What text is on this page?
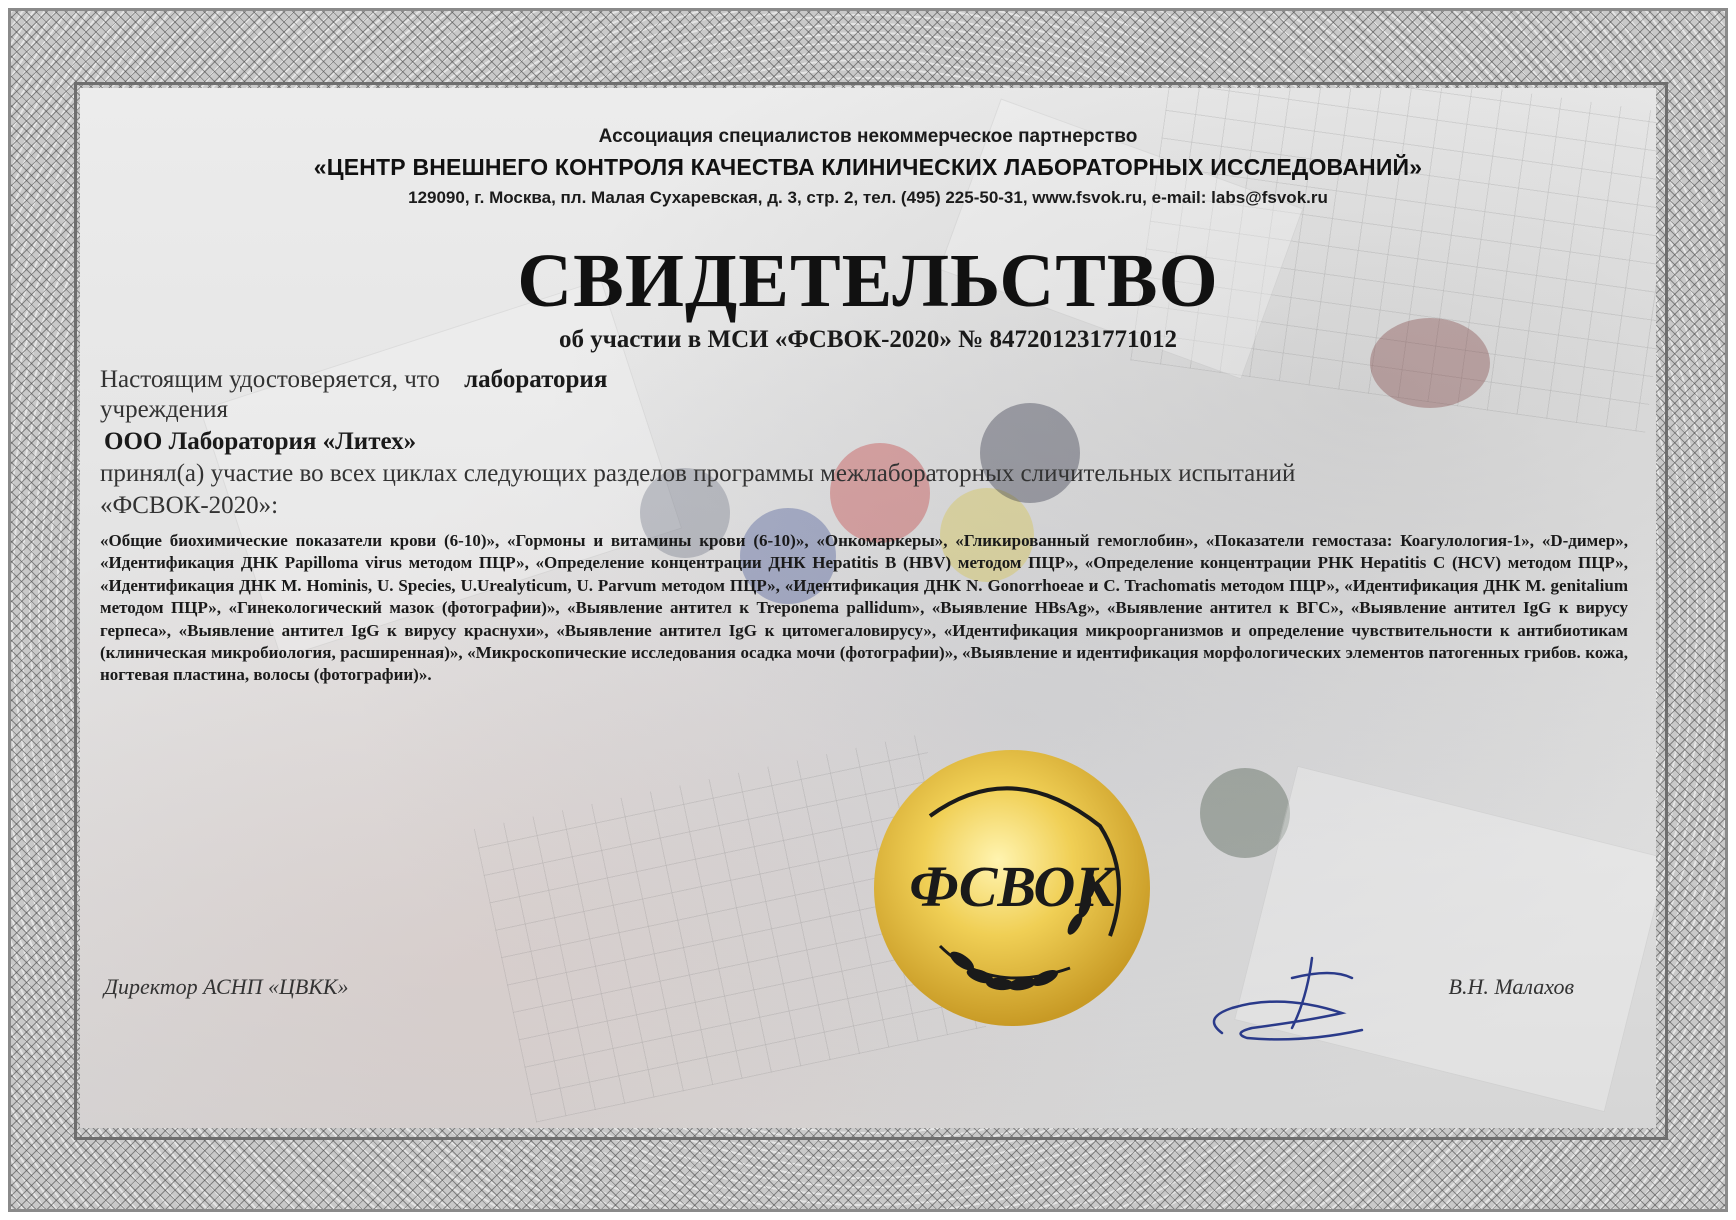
Ассоциация специалистов некоммерческое партнерство
«ЦЕНТР ВНЕШНЕГО КОНТРОЛЯ КАЧЕСТВА КЛИНИЧЕСКИХ ЛАБОРАТОРНЫХ ИССЛЕДОВАНИЙ»
129090, г. Москва, пл. Малая Сухаревская, д. 3, стр. 2, тел. (495) 225-50-31, www.fsvok.ru, e-mail: labs@fsvok.ru
СВИДЕТЕЛЬСТВО
об участии в МСИ «ФСВОК-2020» № 847201231771012
Настоящим удостоверяется, что лаборатория
учреждения
ООО Лаборатория «Литех»
принял(а) участие во всех циклах следующих разделов программы межлабораторных сличительных испытаний
«ФСВОК-2020»:
«Общие биохимические показатели крови (6-10)», «Гормоны и витамины крови (6-10)», «Онкомаркеры», «Гликированный гемоглобин», «Показатели гемостаза: Коагулология-1», «D-димер», «Идентификация ДНК Papilloma virus методом ПЦР», «Определение концентрации ДНК Hepatitis B (HBV) методом ПЦР», «Определение концентрации РНК Hepatitis C (HCV) методом ПЦР», «Идентификация ДНК M. Hominis, U. Species, U.Urealyticum, U. Parvum методом ПЦР», «Идентификация ДНК N. Gonorrhoeae и C. Trachomatis методом ПЦР», «Идентификация ДНК M. genitalium методом ПЦР», «Гинекологический мазок (фотографии)», «Выявление антител к Treponema pallidum», «Выявление HBsAg», «Выявление антител к ВГС», «Выявление антител IgG к вирусу герпеса», «Выявление антител IgG к вирусу краснухи», «Выявление антител IgG к цитомегаловирусу», «Идентификация микроорганизмов и определение чувствительности к антибиотикам (клиническая микробиология, расширенная)», «Микроскопические исследования осадка мочи (фотографии)», «Выявление и идентификация морфологических элементов патогенных грибов. кожа, ногтевая пластина, волосы (фотографии)».
ФСВОК
Директор АСНП «ЦВКК»	В.Н. Малахов
